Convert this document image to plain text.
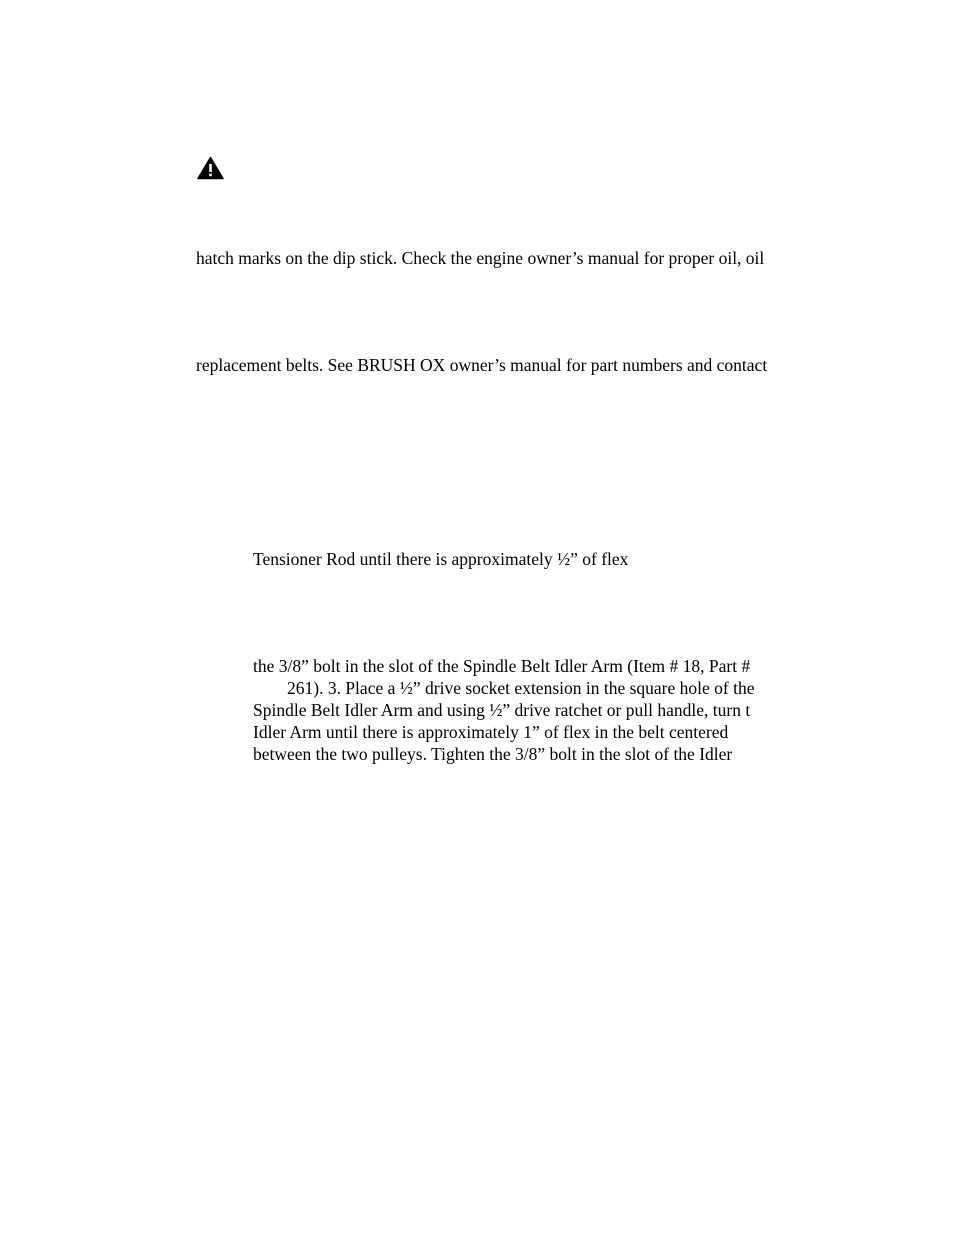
hatch marks on the dip stick. Check the engine owner’s manual for proper oil, oil
replacement belts. See BRUSH OX owner’s manual for part numbers and contact
Tensioner Rod until there is approximately ½” of flex
the 3/8” bolt in the slot of the Spindle Belt Idler Arm (Item # 18, Part #
261). 3. Place a ½” drive socket extension in the square hole of the
Spindle Belt Idler Arm and using ½” drive ratchet or pull handle, turn t
Idler Arm until there is approximately 1” of flex in the belt centered
between the two pulleys. Tighten the 3/8” bolt in the slot of the Idler
